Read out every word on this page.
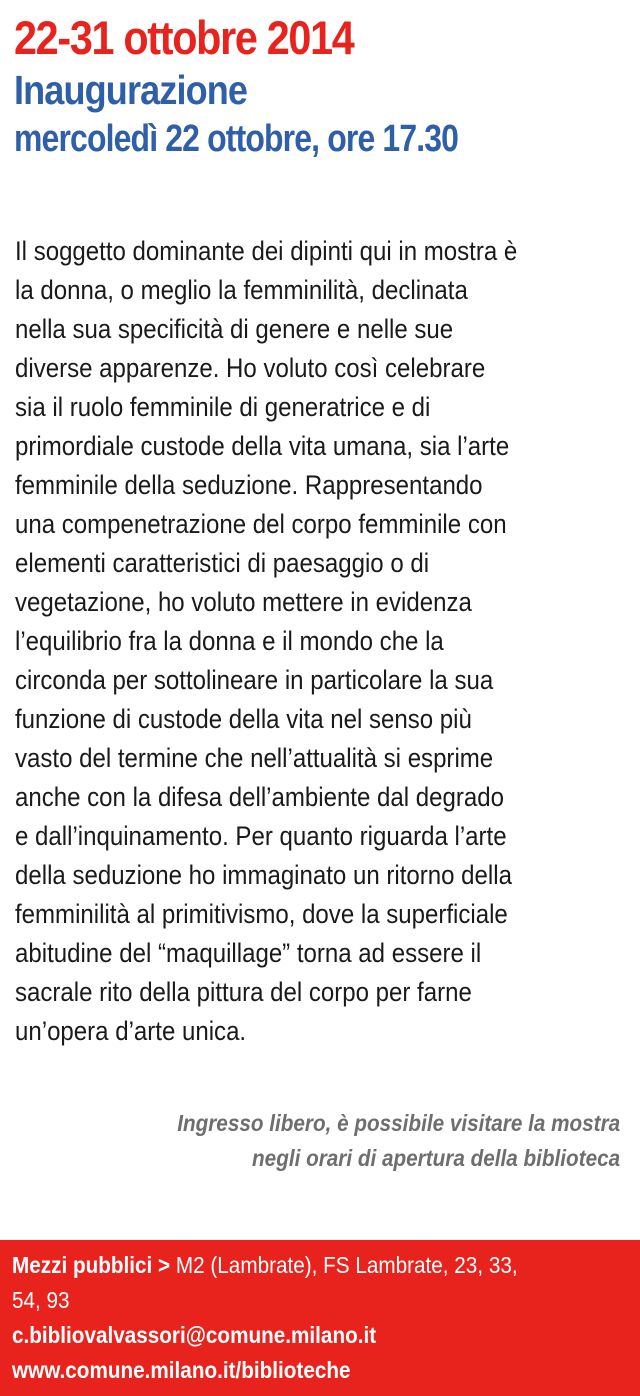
22-31 ottobre 2014
Inaugurazione
mercoledì 22 ottobre, ore 17.30
Il soggetto dominante dei dipinti qui in mostra è
la donna, o meglio la femminilità, declinata
nella sua specificità di genere e nelle sue
diverse apparenze. Ho voluto così celebrare
sia il ruolo femminile di generatrice e di
primordiale custode della vita umana, sia l’arte
femminile della seduzione. Rappresentando
una compenetrazione del corpo femminile con
elementi caratteristici di paesaggio o di
vegetazione, ho voluto mettere in evidenza
l’equilibrio fra la donna e il mondo che la
circonda per sottolineare in particolare la sua
funzione di custode della vita nel senso più
vasto del termine che nell’attualità si esprime
anche con la difesa dell’ambiente dal degrado
e dall’inquinamento. Per quanto riguarda l’arte
della seduzione ho immaginato un ritorno della
femminilità al primitivismo, dove la superficiale
abitudine del “maquillage” torna ad essere il
sacrale rito della pittura del corpo per farne
un’opera d’arte unica.
Ingresso libero, è possibile visitare la mostra
negli orari di apertura della biblioteca
Mezzi pubblici > M2 (Lambrate), FS Lambrate, 23, 33,
54, 93
c.bibliovalvassori@comune.milano.it
www.comune.milano.it/biblioteche
